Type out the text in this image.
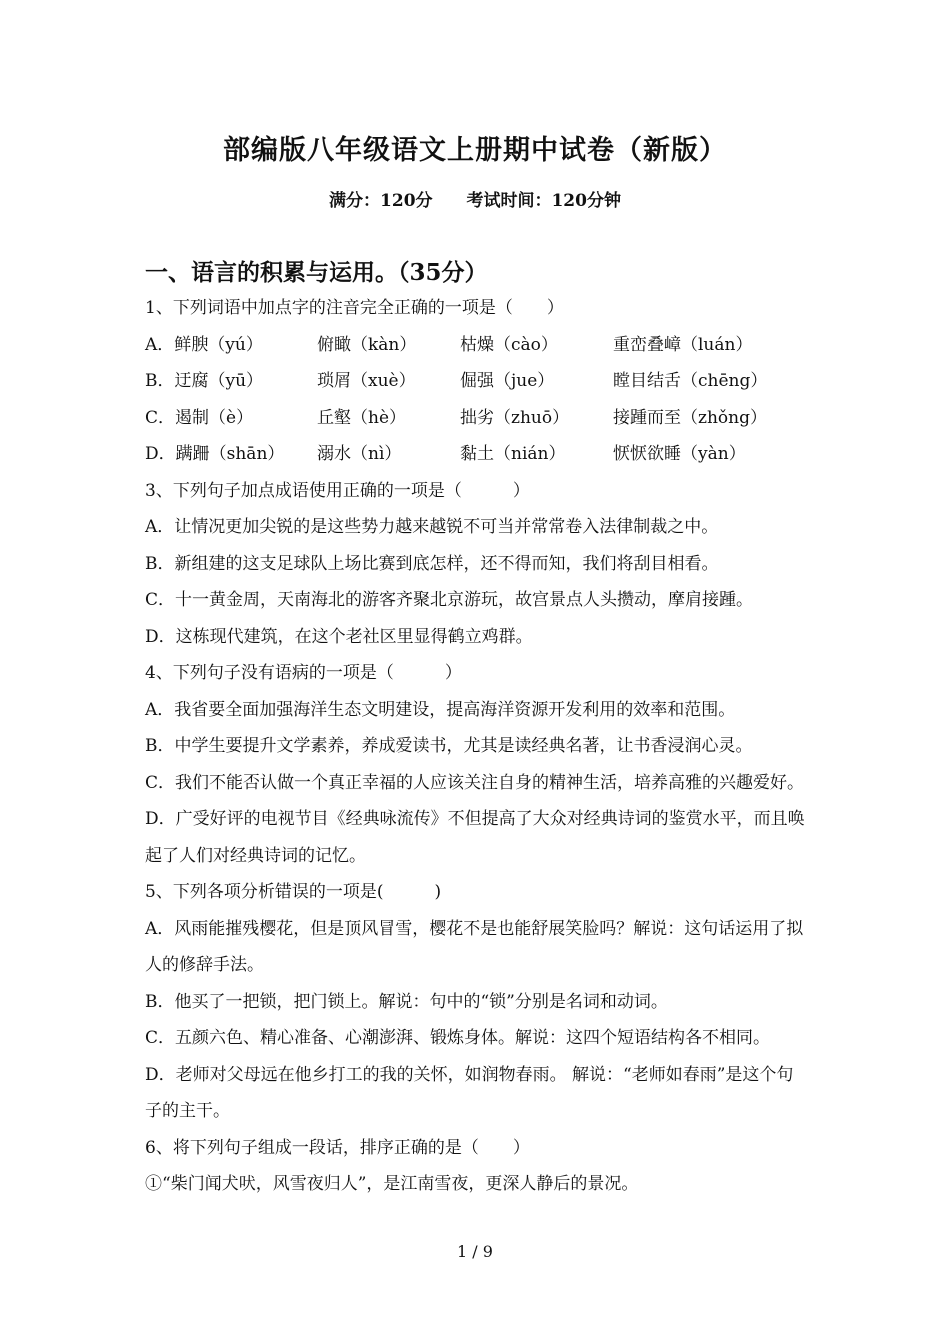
部编版八年级语文上册期中试卷（新版）
满分：120分 考试时间：120分钟
一、语言的积累与运用。（35分）
1、下列词语中加点字的注音完全正确的一项是（　　）
A．鲜腴（yú）	俯瞰（kàn）	枯燥（cào）	重峦叠嶂（luán）
B．迂腐（yū）	琐屑（xuè）	倔强（jue）	瞠目结舌（chēng）
C．遏制（è）	丘壑（hè）	拙劣（zhuō）	接踵而至（zhǒng）
D．蹒跚（shān）	溺水（nì）	黏土（nián）	恹恹欲睡（yàn）
3、下列句子加点成语使用正确的一项是（　　　）
A．让情况更加尖锐的是这些势力越来越锐不可当并常常卷入法律制裁之中。
B．新组建的这支足球队上场比赛到底怎样，还不得而知，我们将刮目相看。
C．十一黄金周，天南海北的游客齐聚北京游玩，故宫景点人头攒动，摩肩接踵。
D．这栋现代建筑，在这个老社区里显得鹤立鸡群。
4、下列句子没有语病的一项是（　　　）
A．我省要全面加强海洋生态文明建设，提高海洋资源开发利用的效率和范围。
B．中学生要提升文学素养，养成爱读书，尤其是读经典名著，让书香浸润心灵。
C．我们不能否认做一个真正幸福的人应该关注自身的精神生活，培养高雅的兴趣爱好。
D．广受好评的电视节目《经典咏流传》不但提高了大众对经典诗词的鉴赏水平，而且唤起了人们对经典诗词的记忆。
5、下列各项分析错误的一项是(　　　)
A．风雨能摧残樱花，但是顶风冒雪，樱花不是也能舒展笑脸吗？解说：这句话运用了拟人的修辞手法。
B．他买了一把锁，把门锁上。解说：句中的“锁”分别是名词和动词。
C．五颜六色、精心准备、心潮澎湃、锻炼身体。解说：这四个短语结构各不相同。
D．老师对父母远在他乡打工的我的关怀，如润物春雨。 解说：“老师如春雨”是这个句子的主干。
6、将下列句子组成一段话，排序正确的是（　　）
①“柴门闻犬吠，风雪夜归人”，是江南雪夜，更深人静后的景况。
1 / 9
